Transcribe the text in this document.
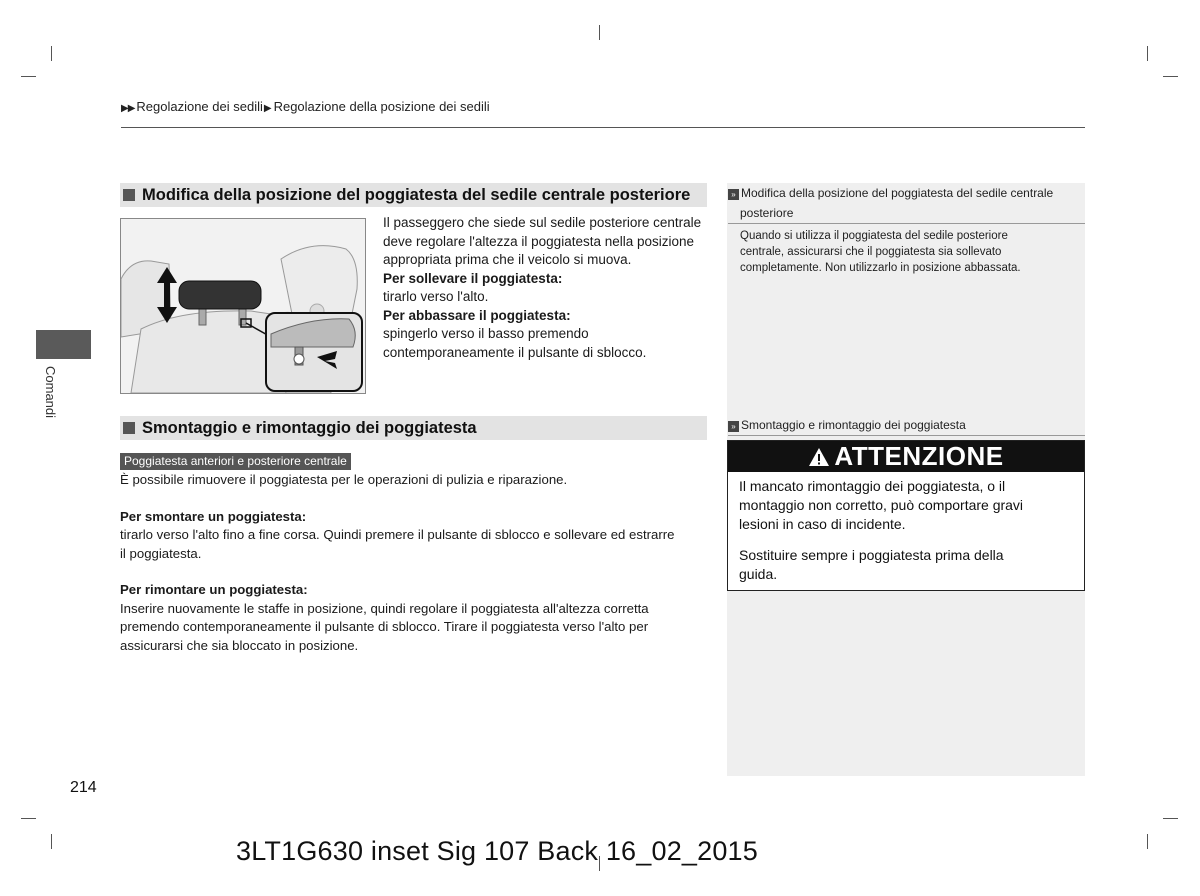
▶▶ Regolazione dei sedili▶ Regolazione della posizione dei sedili
Comandi
Modifica della posizione del poggiatesta del sedile centrale posteriore
Il passeggero che siede sul sedile posteriore centrale
deve regolare l'altezza il poggiatesta nella posizione
appropriata prima che il veicolo si muova.
Per sollevare il poggiatesta:
tirarlo verso l'alto.
Per abbassare il poggiatesta:
spingerlo verso il basso premendo
contemporaneamente il pulsante di sblocco.
Smontaggio e rimontaggio dei poggiatesta
Poggiatesta anteriori e posteriore centrale
È possibile rimuovere il poggiatesta per le operazioni di pulizia e riparazione.
Per smontare un poggiatesta:
tirarlo verso l'alto fino a fine corsa. Quindi premere il pulsante di sblocco e sollevare ed estrarre
il poggiatesta.
Per rimontare un poggiatesta:
Inserire nuovamente le staffe in posizione, quindi regolare il poggiatesta all'altezza corretta
premendo contemporaneamente il pulsante di sblocco. Tirare il poggiatesta verso l'alto per
assicurarsi che sia bloccato in posizione.
» Modifica della posizione del poggiatesta del sedile centrale
posteriore
Quando si utilizza il poggiatesta del sedile posteriore
centrale, assicurarsi che il poggiatesta sia sollevato
completamente. Non utilizzarlo in posizione abbassata.
» Smontaggio e rimontaggio dei poggiatesta
ATTENZIONE
Il mancato rimontaggio dei poggiatesta, o il
montaggio non corretto, può comportare gravi
lesioni in caso di incidente.
Sostituire sempre i poggiatesta prima della
guida.
214
3LT1G630 inset Sig 107 Back 16_02_2015
